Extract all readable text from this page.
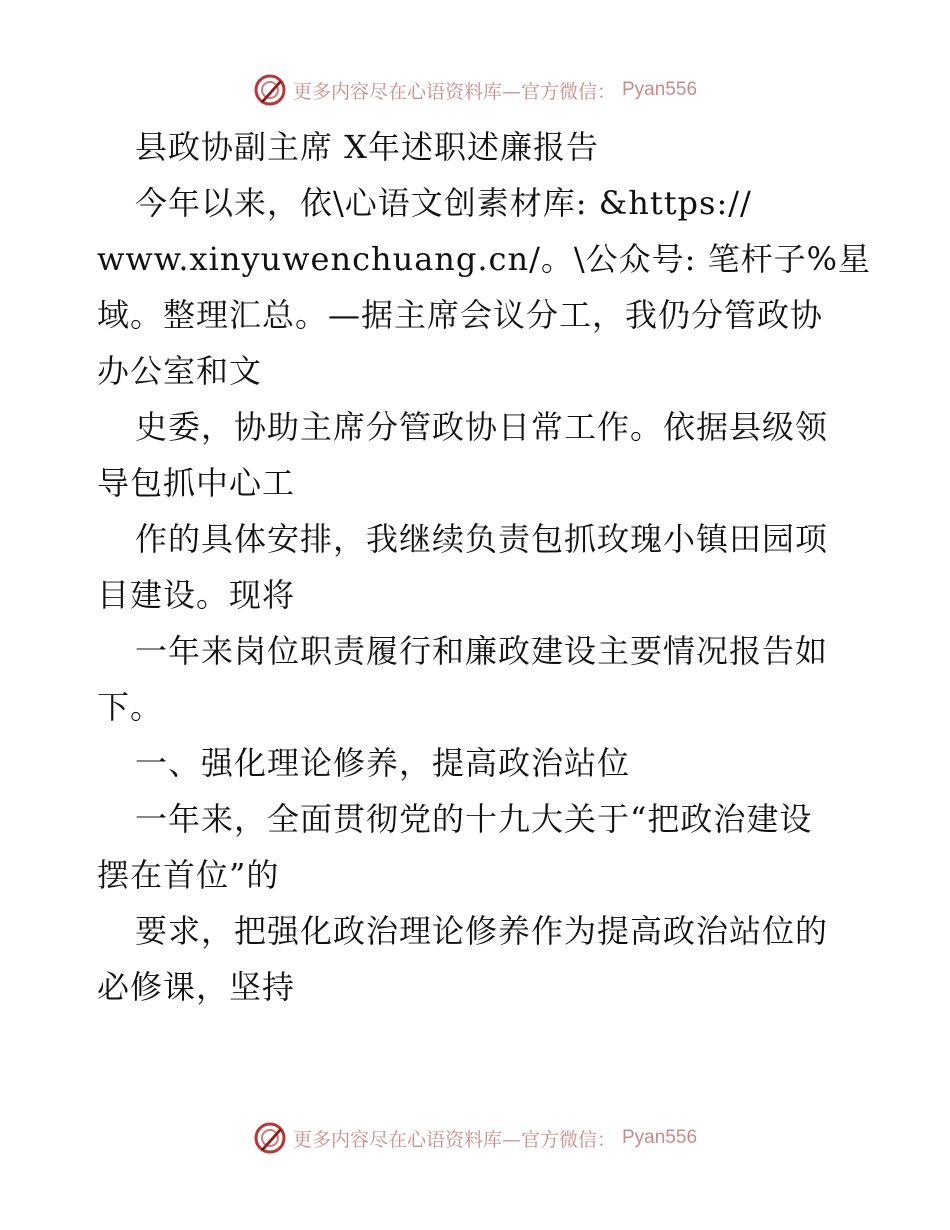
更多内容尽在心语资料库—官方微信： Pyan556
县政协副主席 X年述职述廉报告
今年以来，依\心语文创素材库: &https://
www.xinyuwenchuang.cn/。\公众号: 笔杆子%星
域。整理汇总。—据主席会议分工，我仍分管政协
办公室和文
史委，协助主席分管政协日常工作。依据县级领
导包抓中心工
作的具体安排，我继续负责包抓玫瑰小镇田园项
目建设。现将
一年来岗位职责履行和廉政建设主要情况报告如
下。
一、强化理论修养，提高政治站位
一年来，全面贯彻党的十九大关于“把政治建设
摆在首位”的
要求，把强化政治理论修养作为提高政治站位的
必修课，坚持
更多内容尽在心语资料库—官方微信： Pyan556
